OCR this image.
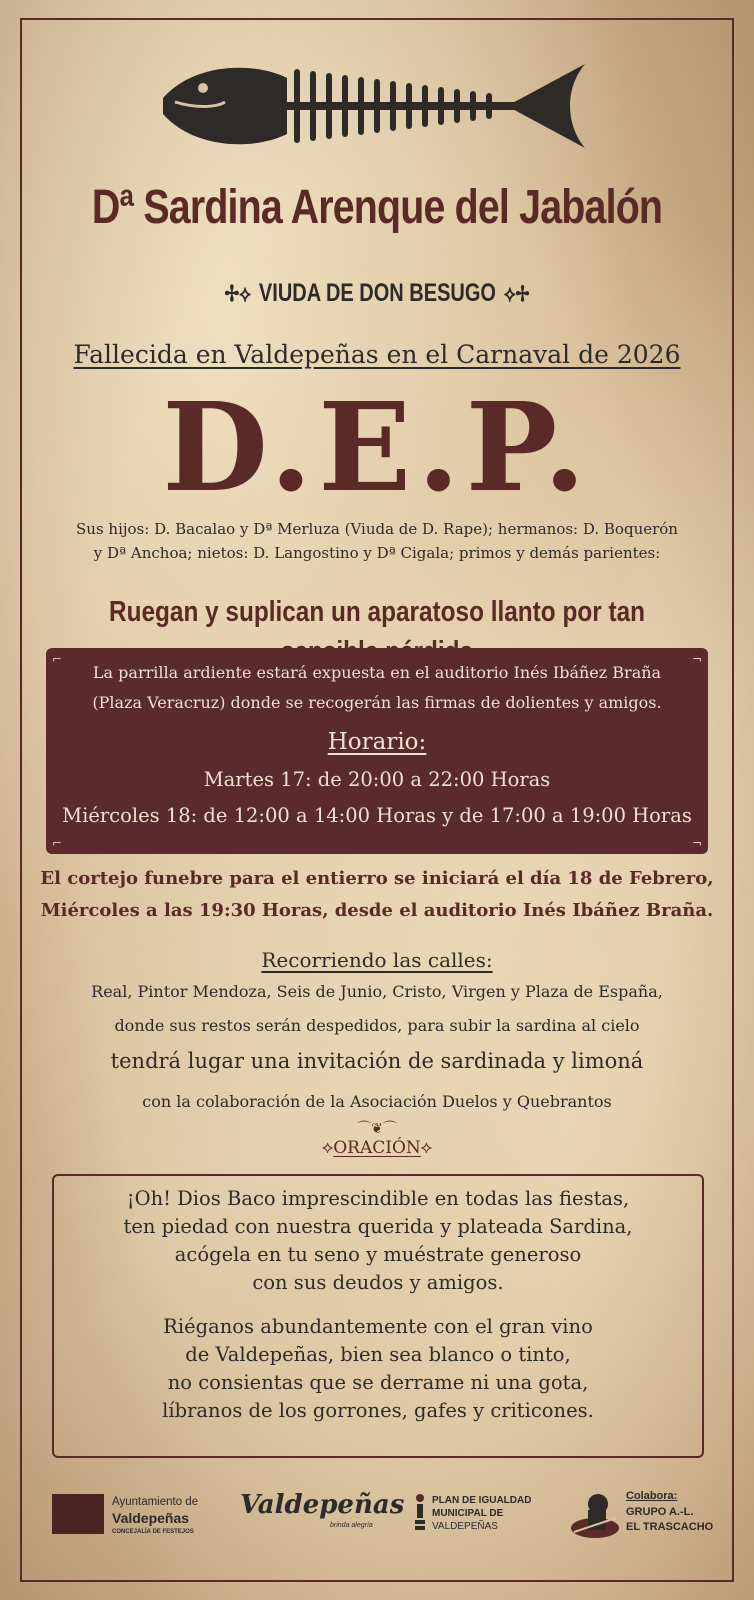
Dª Sardina Arenque del Jabalón
✢⟡ VIUDA DE DON BESUGO ⟡✢
Fallecida en Valdepeñas en el Carnaval de 2026
D.E.P.
Sus hijos: D. Bacalao y Dª Merluza (Viuda de D. Rape); hermanos: D. Boquerón
y Dª Anchoa; nietos: D. Langostino y Dª Cigala; primos y demás parientes:
Ruegan y suplican un aparatoso llanto por tan
⌐	¬
⌐	¬
La parrilla ardiente estará expuesta en el auditorio Inés Ibáñez Braña
(Plaza Veracruz) donde se recogerán las firmas de dolientes y amigos.
Horario:
Martes 17: de 20:00 a 22:00 Horas
Miércoles 18: de 12:00 a 14:00 Horas y de 17:00 a 19:00 Horas
El cortejo funebre para el entierro se iniciará el día 18 de Febrero,
Miércoles a las 19:30 Horas, desde el auditorio Inés Ibáñez Braña.
Recorriendo las calles:
Real, Pintor Mendoza, Seis de Junio, Cristo, Virgen y Plaza de España,
donde sus restos serán despedidos, para subir la sardina al cielo
tendrá lugar una invitación de sardinada y limoná
con la colaboración de la Asociación Duelos y Quebrantos
⌒❦⌒
⟡ORACIÓN⟡
¡Oh! Dios Baco imprescindible en todas las fiestas,
ten piedad con nuestra querida y plateada Sardina,
acógela en tu seno y muéstrate generoso
con sus deudos y amigos.
Riéganos abundantemente con el gran vino
de Valdepeñas, bien sea blanco o tinto,
no consientas que se derrame ni una gota,
líbranos de los gorrones, gafes y criticones.
Ayuntamiento de
Valdepeñas
CONCEJALÍA DE FESTEJOS
Valdepeñas
brinda alegría
PLAN DE IGUALDAD
MUNICIPAL DE
VALDEPEÑAS
Colabora:
GRUPO A.-L.
EL TRASCACHO
